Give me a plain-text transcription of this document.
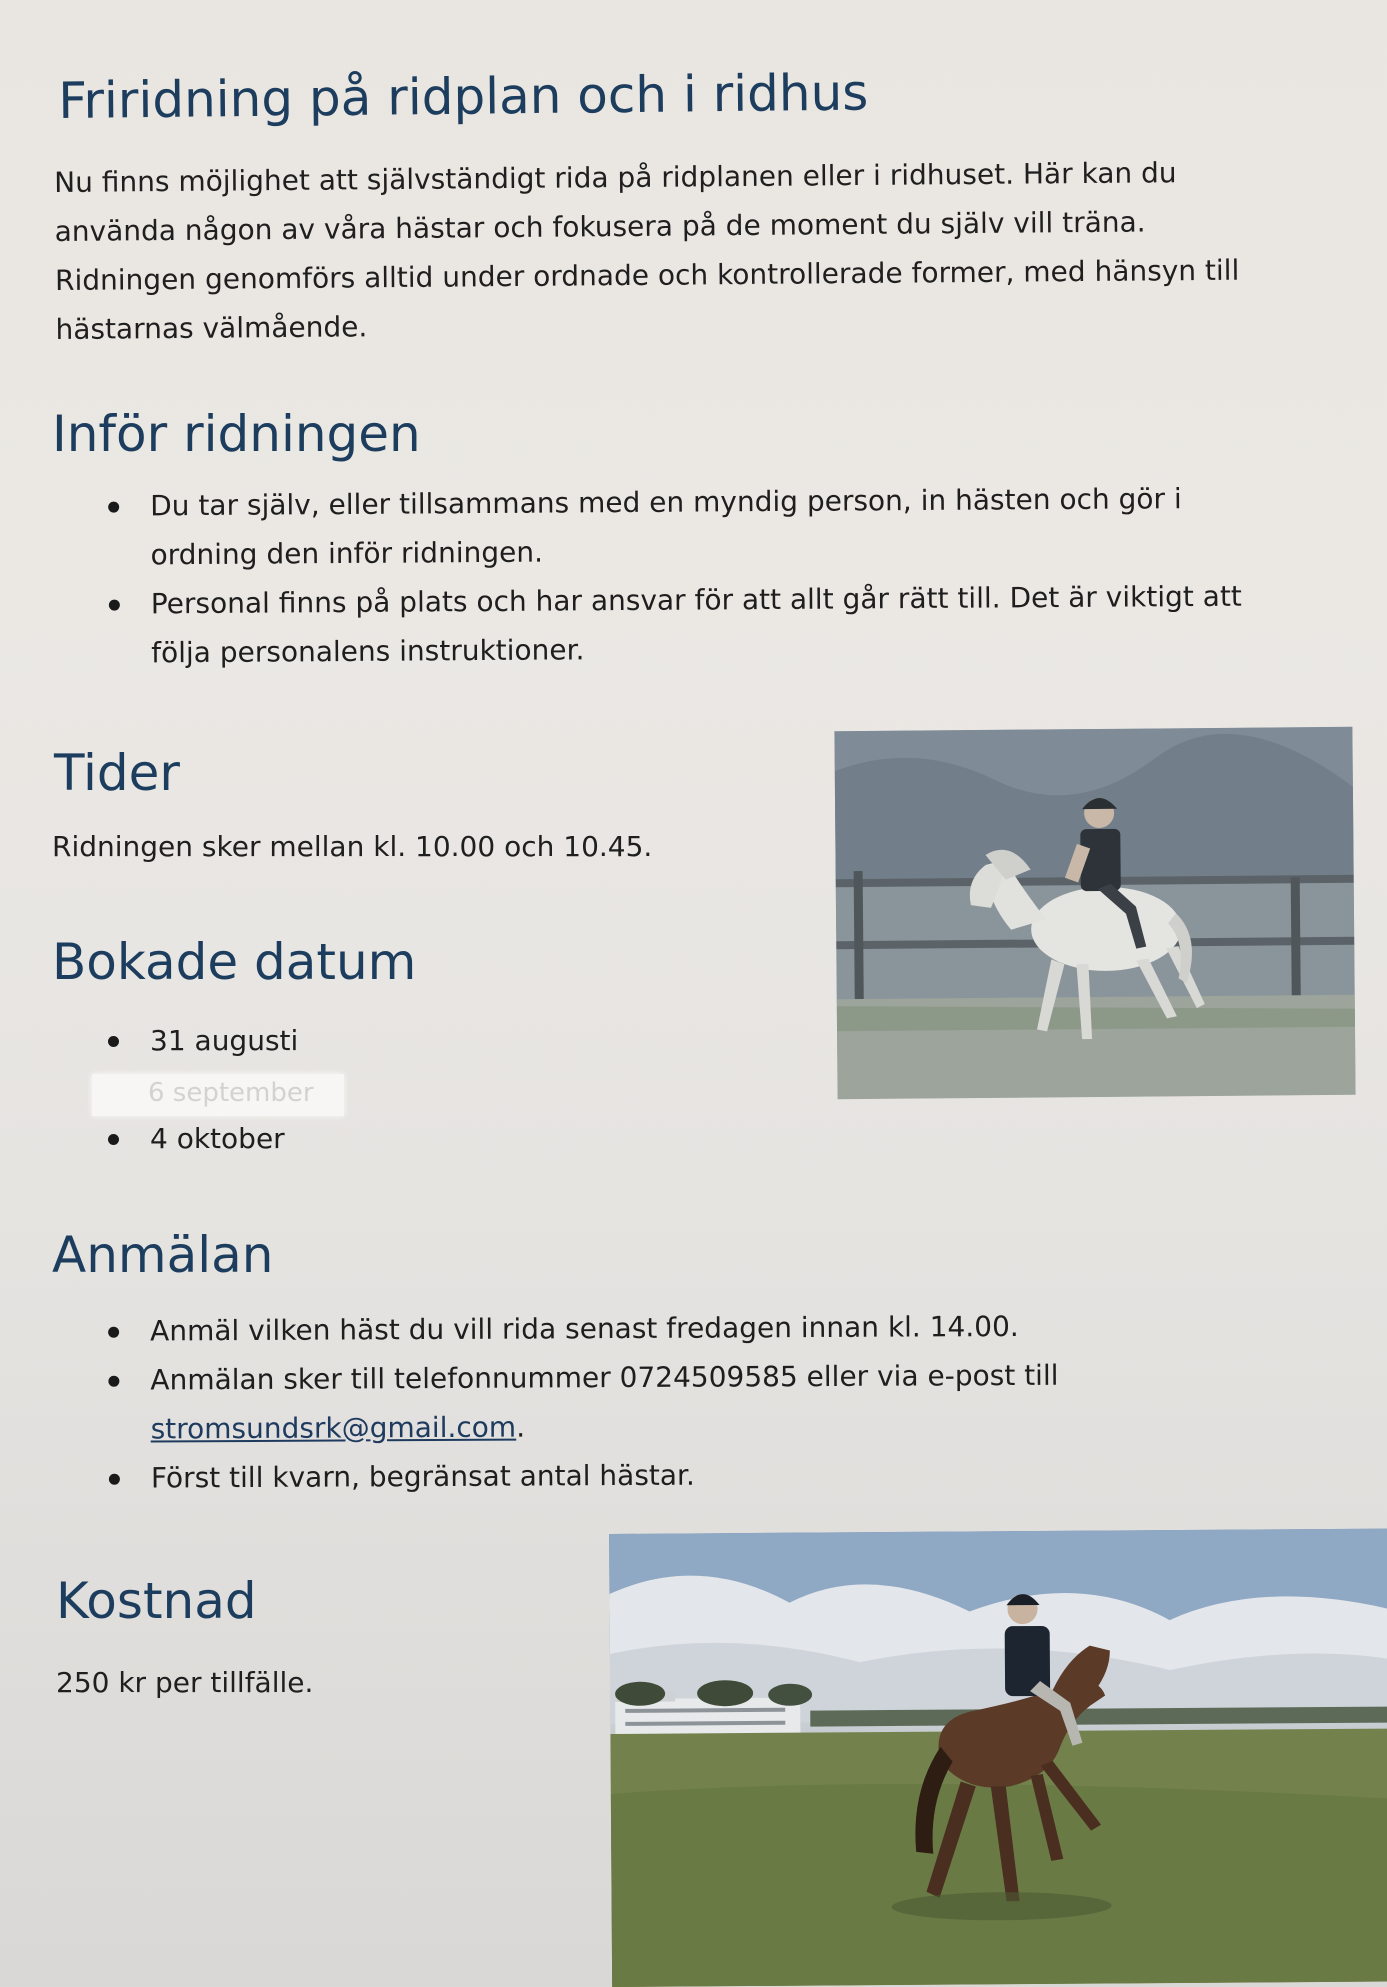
Friridning på ridplan och i ridhus

Nu finns möjlighet att självständigt rida på ridplanen eller i ridhuset. Här kan du använda någon av våra hästar och fokusera på de moment du själv vill träna. Ridningen genomförs alltid under ordnade och kontrollerade former, med hänsyn till hästarnas välmående.

Inför ridningen
Du tar själv, eller tillsammans med en myndig person, in hästen och gör i ordning den inför ridningen.
Personal finns på plats och har ansvar för att allt går rätt till. Det är viktigt att följa personalens instruktioner.
Tider

Ridningen sker mellan kl. 10.00 och 10.45.

Bokade datum
31 augusti
4 oktober
6 september
Anmälan
Anmäl vilken häst du vill rida senast fredagen innan kl. 14.00.
Anmälan sker till telefonnummer 0724509585 eller via e-post till stromsundsrk@gmail.com.
Först till kvarn, begränsat antal hästar.
Kostnad

250 kr per tillfälle.
